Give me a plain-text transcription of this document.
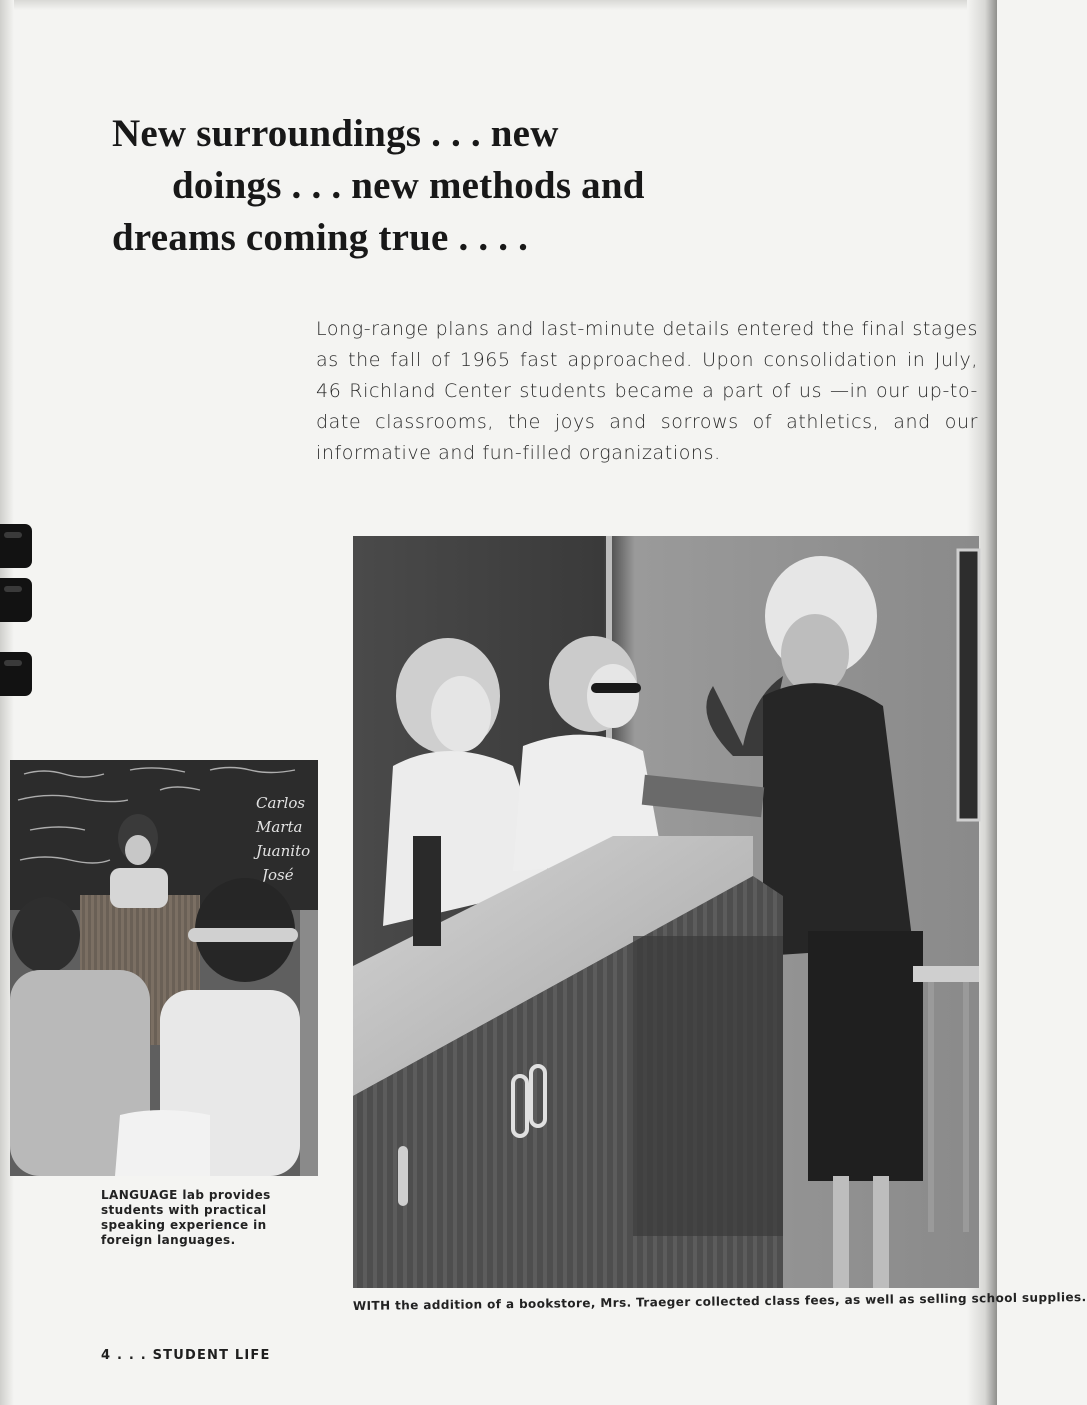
New surroundings . . . new
doings . . . new methods and
dreams coming true . . . .

Long-range plans and last-minute details entered the final stages as the fall of 1965 fast approached. Upon consolidation in July, 46 Richland Center students became a part of us —in our up-to-date classrooms, the joys and sorrows of athletics, and our informative and fun-filled organizations.

Carlos
Marta
Juanito
José

LANGUAGE lab provides students with practical speaking experience in foreign languages.

WITH the addition of a bookstore, Mrs. Traeger collected class fees, as well as selling school supplies.

4 . . . STUDENT LIFE
